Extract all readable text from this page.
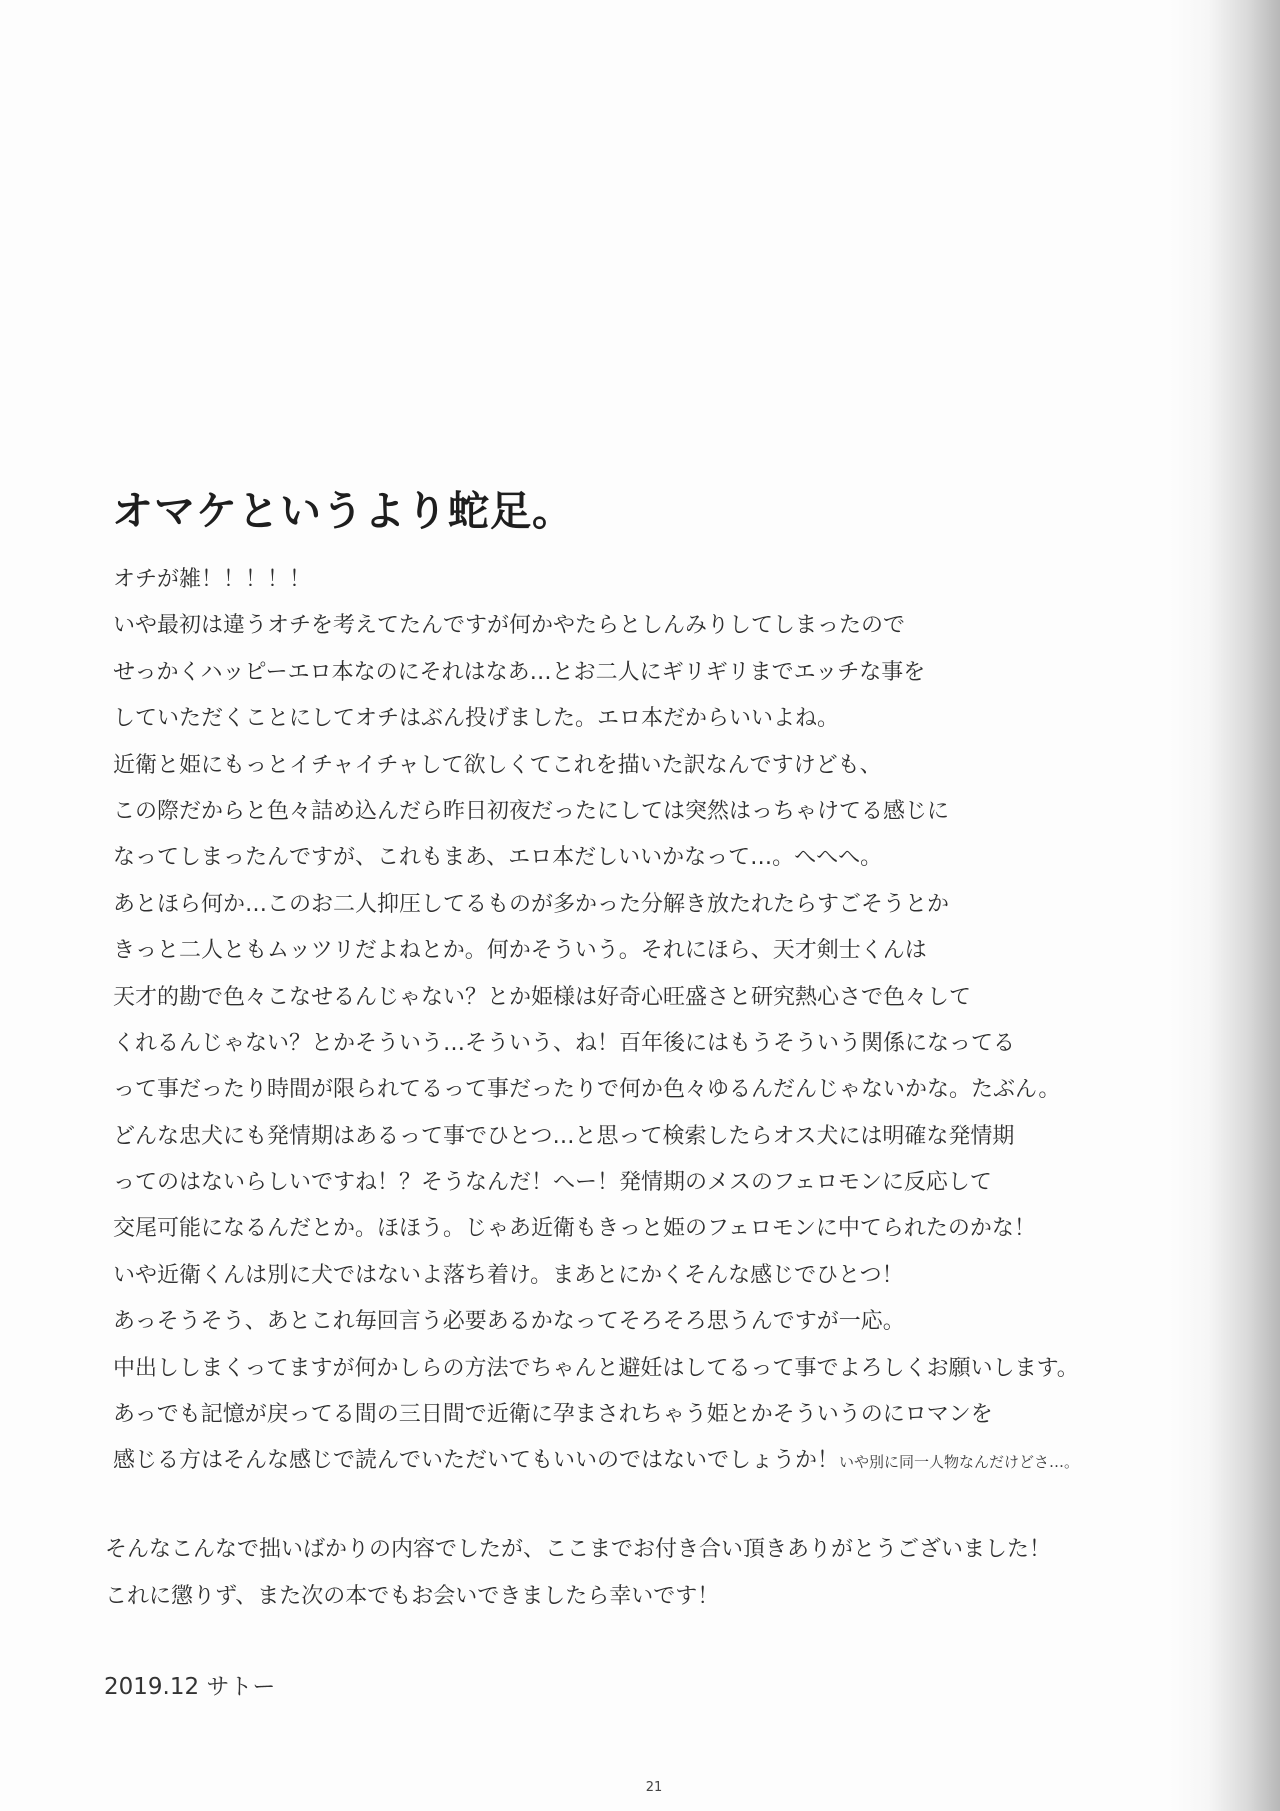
オマケというより蛇足。
オチが雑！！！！！
いや最初は違うオチを考えてたんですが何かやたらとしんみりしてしまったので
せっかくハッピーエロ本なのにそれはなあ…とお二人にギリギリまでエッチな事を
していただくことにしてオチはぶん投げました。エロ本だからいいよね。
近衛と姫にもっとイチャイチャして欲しくてこれを描いた訳なんですけども、
この際だからと色々詰め込んだら昨日初夜だったにしては突然はっちゃけてる感じに
なってしまったんですが、これもまあ、エロ本だしいいかなって…。へへへ。
あとほら何か…このお二人抑圧してるものが多かった分解き放たれたらすごそうとか
きっと二人ともムッツリだよねとか。何かそういう。それにほら、天才剣士くんは
天才的勘で色々こなせるんじゃない？とか姫様は好奇心旺盛さと研究熱心さで色々して
くれるんじゃない？とかそういう…そういう、ね！百年後にはもうそういう関係になってる
って事だったり時間が限られてるって事だったりで何か色々ゆるんだんじゃないかな。たぶん。
どんな忠犬にも発情期はあるって事でひとつ…と思って検索したらオス犬には明確な発情期
ってのはないらしいですね！？そうなんだ！へー！発情期のメスのフェロモンに反応して
交尾可能になるんだとか。ほほう。じゃあ近衛もきっと姫のフェロモンに中てられたのかな！
いや近衛くんは別に犬ではないよ落ち着け。まあとにかくそんな感じでひとつ！
あっそうそう、あとこれ毎回言う必要あるかなってそろそろ思うんですが一応。
中出ししまくってますが何かしらの方法でちゃんと避妊はしてるって事でよろしくお願いします。
あっでも記憶が戻ってる間の三日間で近衛に孕まされちゃう姫とかそういうのにロマンを
感じる方はそんな感じで読んでいただいてもいいのではないでしょうか！いや別に同一人物なんだけどさ…。
そんなこんなで拙いばかりの内容でしたが、ここまでお付き合い頂きありがとうございました！
これに懲りず、また次の本でもお会いできましたら幸いです！
2019.12 サトー
21
